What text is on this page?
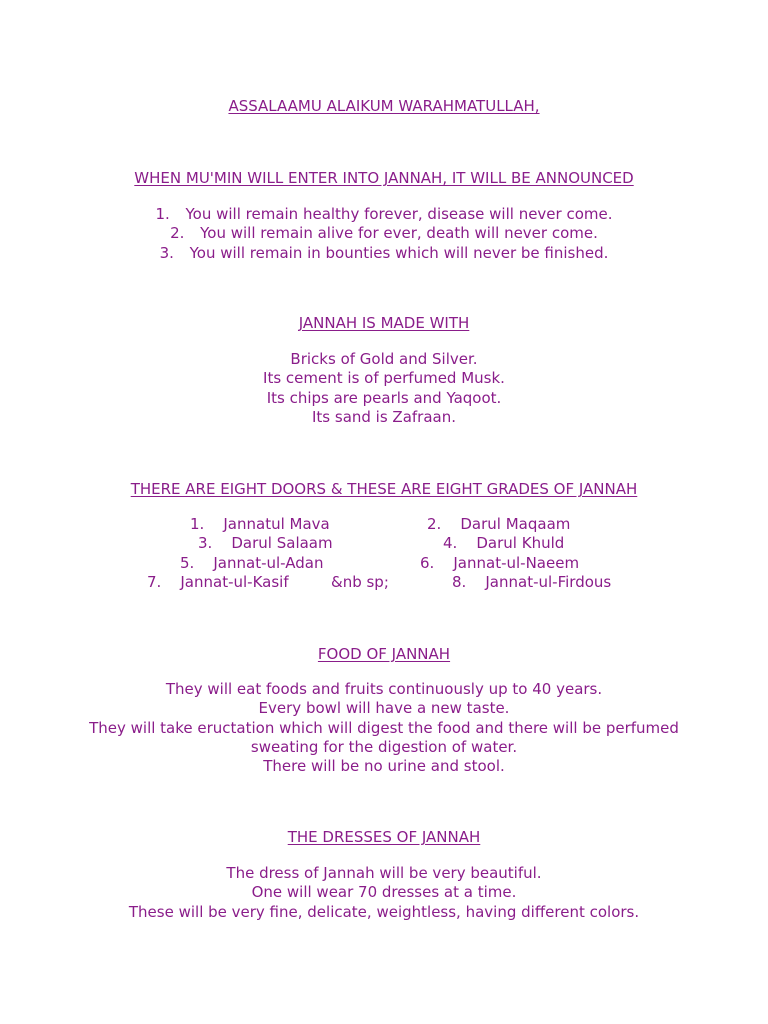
ASSALAAMU ALAIKUM WARAHMATULLAH,
WHEN MU'MIN WILL ENTER INTO JANNAH, IT WILL BE ANNOUNCED
1. You will remain healthy forever, disease will never come.
2. You will remain alive for ever, death will never come.
3. You will remain in bounties which will never be finished.
JANNAH IS MADE WITH
Bricks of Gold and Silver.
Its cement is of perfumed Musk.
Its chips are pearls and Yaqoot.
Its sand is Zafraan.
THERE ARE EIGHT DOORS & THESE ARE EIGHT GRADES OF JANNAH
1.    Jannatul Mava	2.    Darul Maqaam
3.    Darul Salaam	4.    Darul Khuld
5.    Jannat-ul-Adan	6.    Jannat-ul-Naeem
7.    Jannat-ul-Kasif	&nb sp;	8.    Jannat-ul-Firdous
FOOD OF JANNAH
They will eat foods and fruits continuously up to 40 years.
Every bowl will have a new taste.
They will take eructation which will digest the food and there will be perfumed
sweating for the digestion of water.
There will be no urine and stool.
THE DRESSES OF JANNAH
The dress of Jannah will be very beautiful.
One will wear 70 dresses at a time.
These will be very fine, delicate, weightless, having different colors.
